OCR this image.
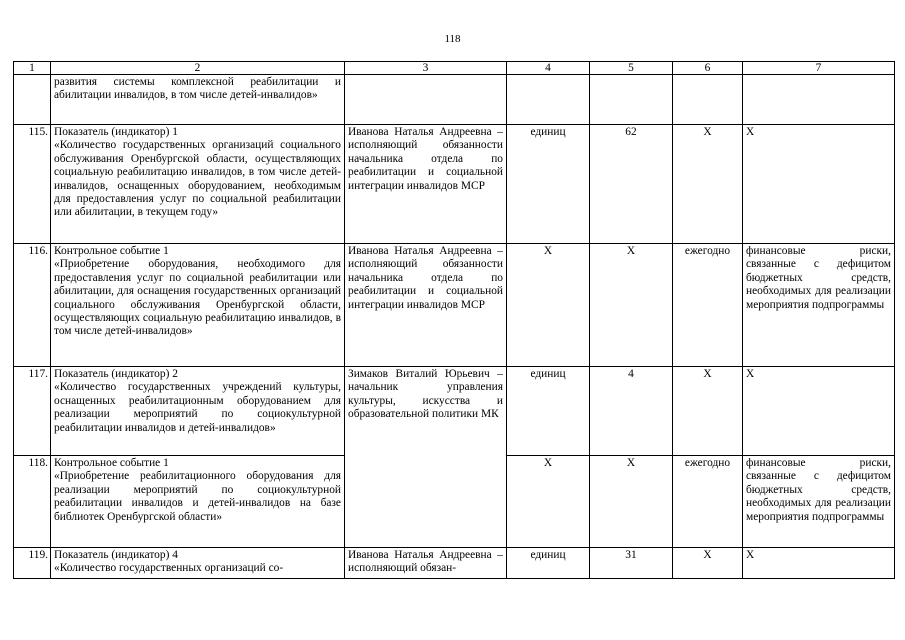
118
1	2	3	4	5	6	7

	развития системы комплексной реабилитации и абилитации инвалидов, в том числе детей-инвалидов»					

115.	Показатель (индикатор) 1
«Количество государственных организаций социального обслуживания Оренбургской области, осуществляющих социальную реабилитацию инвалидов, в том числе детей-инвалидов, оснащенных оборудованием, необходимым для предоставления услуг по социальной реабилитации или абилитации, в текущем году»	Иванова Наталья Андреевна – исполняющий обязанности начальника отдела по реабилитации и социальной интеграции инвалидов МСР	единиц	62	Х	Х
116.	Контрольное событие 1
«Приобретение оборудования, необходимого для предоставления услуг по социальной реабилитации или абилитации, для оснащения государственных организаций социального обслуживания Оренбургской области, осуществляющих социальную реабилитацию инвалидов, в том числе детей-инвалидов»	Иванова Наталья Андреевна – исполняющий обязанности начальника отдела по реабилитации и социальной интеграции инвалидов МСР	Х	Х	ежегодно	финансовые риски, связанные с дефицитом бюджетных средств, необходимых для реализации мероприятия подпрограммы
117.	Показатель (индикатор) 2
«Количество государственных учреждений культуры, оснащенных реабилитационным оборудованием для реализации мероприятий по социокультурной реабилитации инвалидов и детей-инвалидов»	Зимаков Виталий Юрьевич – начальник управления культуры, искусства и образовательной политики МК	единиц	4	Х	Х
118.	Контрольное событие 1
«Приобретение реабилитационного оборудования для реализации мероприятий по социокультурной реабилитации инвалидов и детей-инвалидов на базе библиотек Оренбургской области»		Х	Х	ежегодно	финансовые риски, связанные с дефицитом бюджетных средств, необходимых для реализации мероприятия подпрограммы
119.	Показатель (индикатор) 4
«Количество государственных организаций со-	Иванова Наталья Андреевна – исполняющий обязан-	единиц	31	Х	Х
